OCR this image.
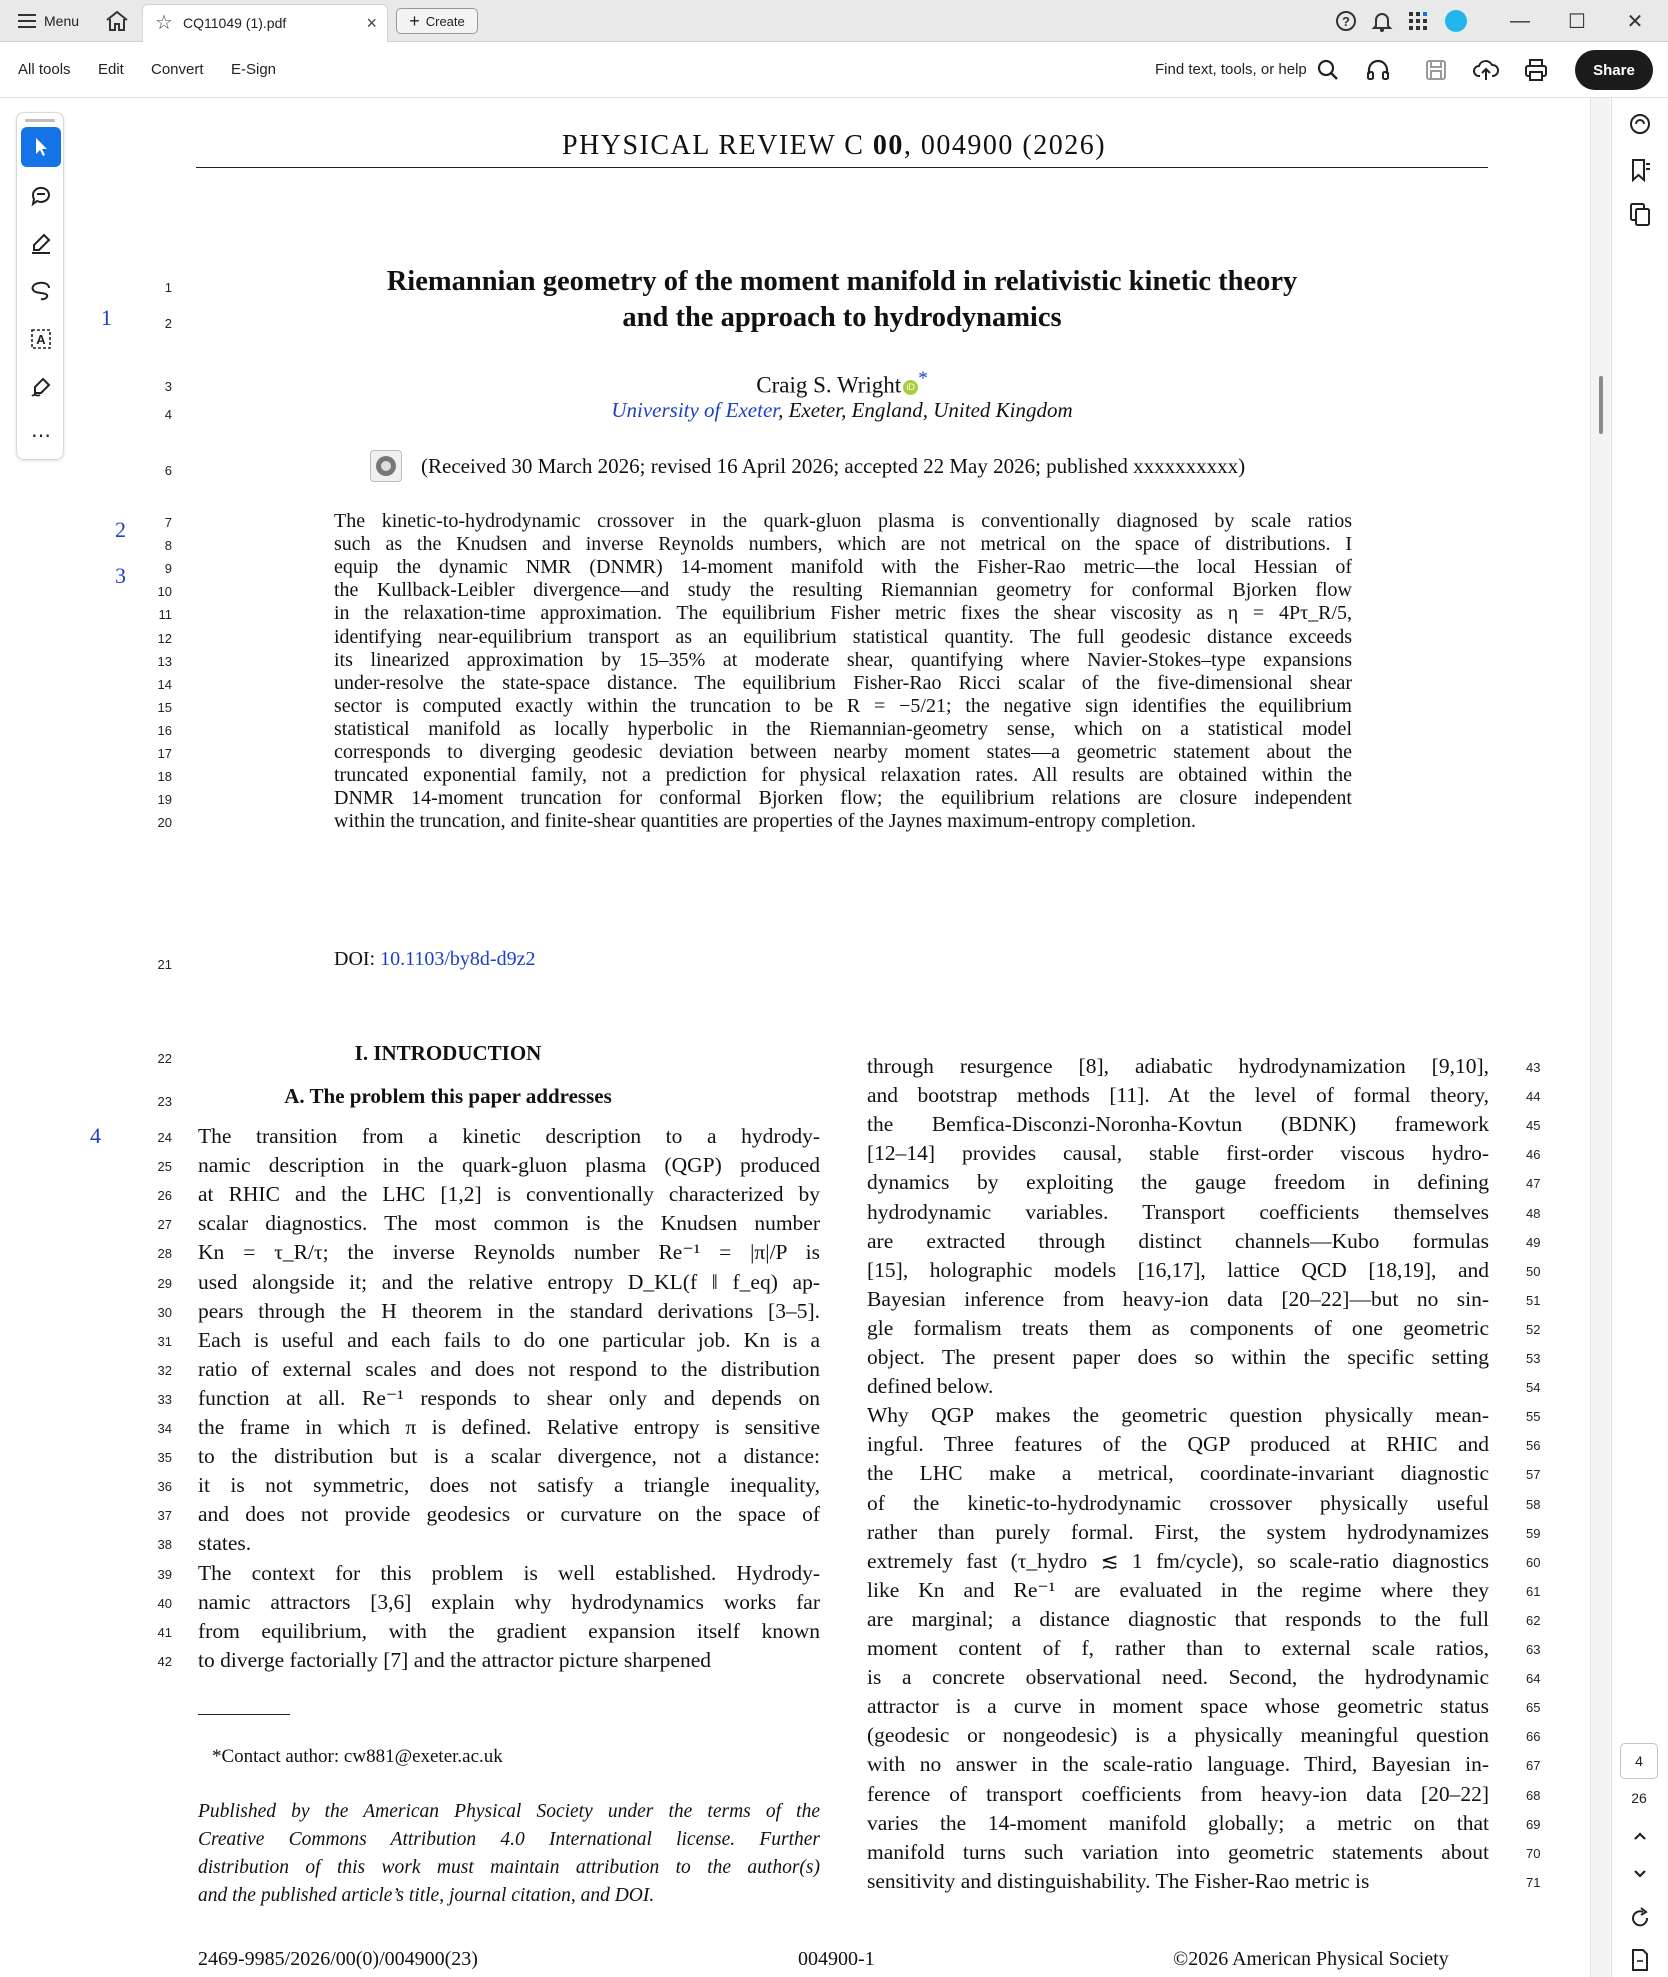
Menu	☆ CQ11049 (1).pdf	× + Create	?	—	☐	✕
All tools Edit Convert E-Sign	Find text, tools, or help	Share
A
⋯
PHYSICAL REVIEW C 00, 004900 (2026)
1
2
3
4
1	Riemannian geometry of the moment manifold in relativistic kinetic theory
2	and the approach to hydrodynamics
3	Craig S. Wright iD *
4	University of Exeter, Exeter, England, United Kingdom
6	(Received 30 March 2026; revised 16 April 2026; accepted 22 May 2026; published xxxxxxxxxx)
7	The kinetic-to-hydrodynamic crossover in the quark-gluon plasma is conventionally diagnosed by scale ratios
8	such as the Knudsen and inverse Reynolds numbers, which are not metrical on the space of distributions. I
9	equip the dynamic NMR (DNMR) 14-moment manifold with the Fisher-Rao metric—the local Hessian of
10	the Kullback-Leibler divergence—and study the resulting Riemannian geometry for conformal Bjorken flow
11	in the relaxation-time approximation. The equilibrium Fisher metric fixes the shear viscosity as η = 4Pτ_R/5,
12	identifying near-equilibrium transport as an equilibrium statistical quantity. The full geodesic distance exceeds
13	its linearized approximation by 15–35% at moderate shear, quantifying where Navier-Stokes–type expansions
14	under-resolve the state-space distance. The equilibrium Fisher-Rao Ricci scalar of the five-dimensional shear
15	sector is computed exactly within the truncation to be R = −5/21; the negative sign identifies the equilibrium
16	statistical manifold as locally hyperbolic in the Riemannian-geometry sense, which on a statistical model
17	corresponds to diverging geodesic deviation between nearby moment states—a geometric statement about the
18	truncated exponential family, not a prediction for physical relaxation rates. All results are obtained within the
19	DNMR 14-moment truncation for conformal Bjorken flow; the equilibrium relations are closure independent
20	within the truncation, and finite-shear quantities are properties of the Jaynes maximum-entropy completion.
21	DOI: 10.1103/by8d-d9z2
22	I. INTRODUCTION
23	A. The problem this paper addresses
24 The transition from a kinetic description to a hydrody-
25 namic description in the quark-gluon plasma (QGP) produced
26 at RHIC and the LHC [1,2] is conventionally characterized by
27 scalar diagnostics. The most common is the Knudsen number
28 Kn = τ_R/τ; the inverse Reynolds number Re⁻¹ = |π|/P is
29 used alongside it; and the relative entropy D_KL(f ‖ f_eq) ap-
30 pears through the H theorem in the standard derivations [3–5].
31 Each is useful and each fails to do one particular job. Kn is a
32 ratio of external scales and does not respond to the distribution
33 function at all. Re⁻¹ responds to shear only and depends on
34 the frame in which π is defined. Relative entropy is sensitive
35 to the distribution but is a scalar divergence, not a distance:
36 it is not symmetric, does not satisfy a triangle inequality,
37 and does not provide geodesics or curvature on the space of
38 states.
39 The context for this problem is well established. Hydrody-
40 namic attractors [3,6] explain why hydrodynamics works far
41 from equilibrium, with the gradient expansion itself known
42 to diverge factorially [7] and the attractor picture sharpened
43
through resurgence [8], adiabatic hydrodynamization [9,10],
44
and bootstrap methods [11]. At the level of formal theory,
45
the Bemfica-Disconzi-Noronha-Kovtun (BDNK) framework
46
[12–14] provides causal, stable first-order viscous hydro-
47
dynamics by exploiting the gauge freedom in defining
48
hydrodynamic variables. Transport coefficients themselves
49
are extracted through distinct channels—Kubo formulas
50
[15], holographic models [16,17], lattice QCD [18,19], and
51
Bayesian inference from heavy-ion data [20–22]—but no sin-
52
gle formalism treats them as components of one geometric
53
object. The present paper does so within the specific setting
54
defined below.
55
Why QGP makes the geometric question physically mean-
56
ingful. Three features of the QGP produced at RHIC and
57
the LHC make a metrical, coordinate-invariant diagnostic
58
of the kinetic-to-hydrodynamic crossover physically useful
59
rather than purely formal. First, the system hydrodynamizes
60
extremely fast (τ_hydro ≲ 1 fm/cycle), so scale-ratio diagnostics
61
like Kn and Re⁻¹ are evaluated in the regime where they
62
are marginal; a distance diagnostic that responds to the full
63
moment content of f, rather than to external scale ratios,
64
is a concrete observational need. Second, the hydrodynamic
65
attractor is a curve in moment space whose geometric status
66
(geodesic or nongeodesic) is a physically meaningful question
67
with no answer in the scale-ratio language. Third, Bayesian in-
68
ference of transport coefficients from heavy-ion data [20–22]
69
varies the 14-moment manifold globally; a metric on that
70
manifold turns such variation into geometric statements about
71
sensitivity and distinguishability. The Fisher-Rao metric is
*Contact author: cw881@exeter.ac.uk
Published by the American Physical Society under the terms of the
Creative Commons Attribution 4.0 International license. Further
distribution of this work must maintain attribution to the author(s)
and the published article’s title, journal citation, and DOI.
2469-9985/2026/00(0)/004900(23)	004900-1	©2026 American Physical Society
4
26
